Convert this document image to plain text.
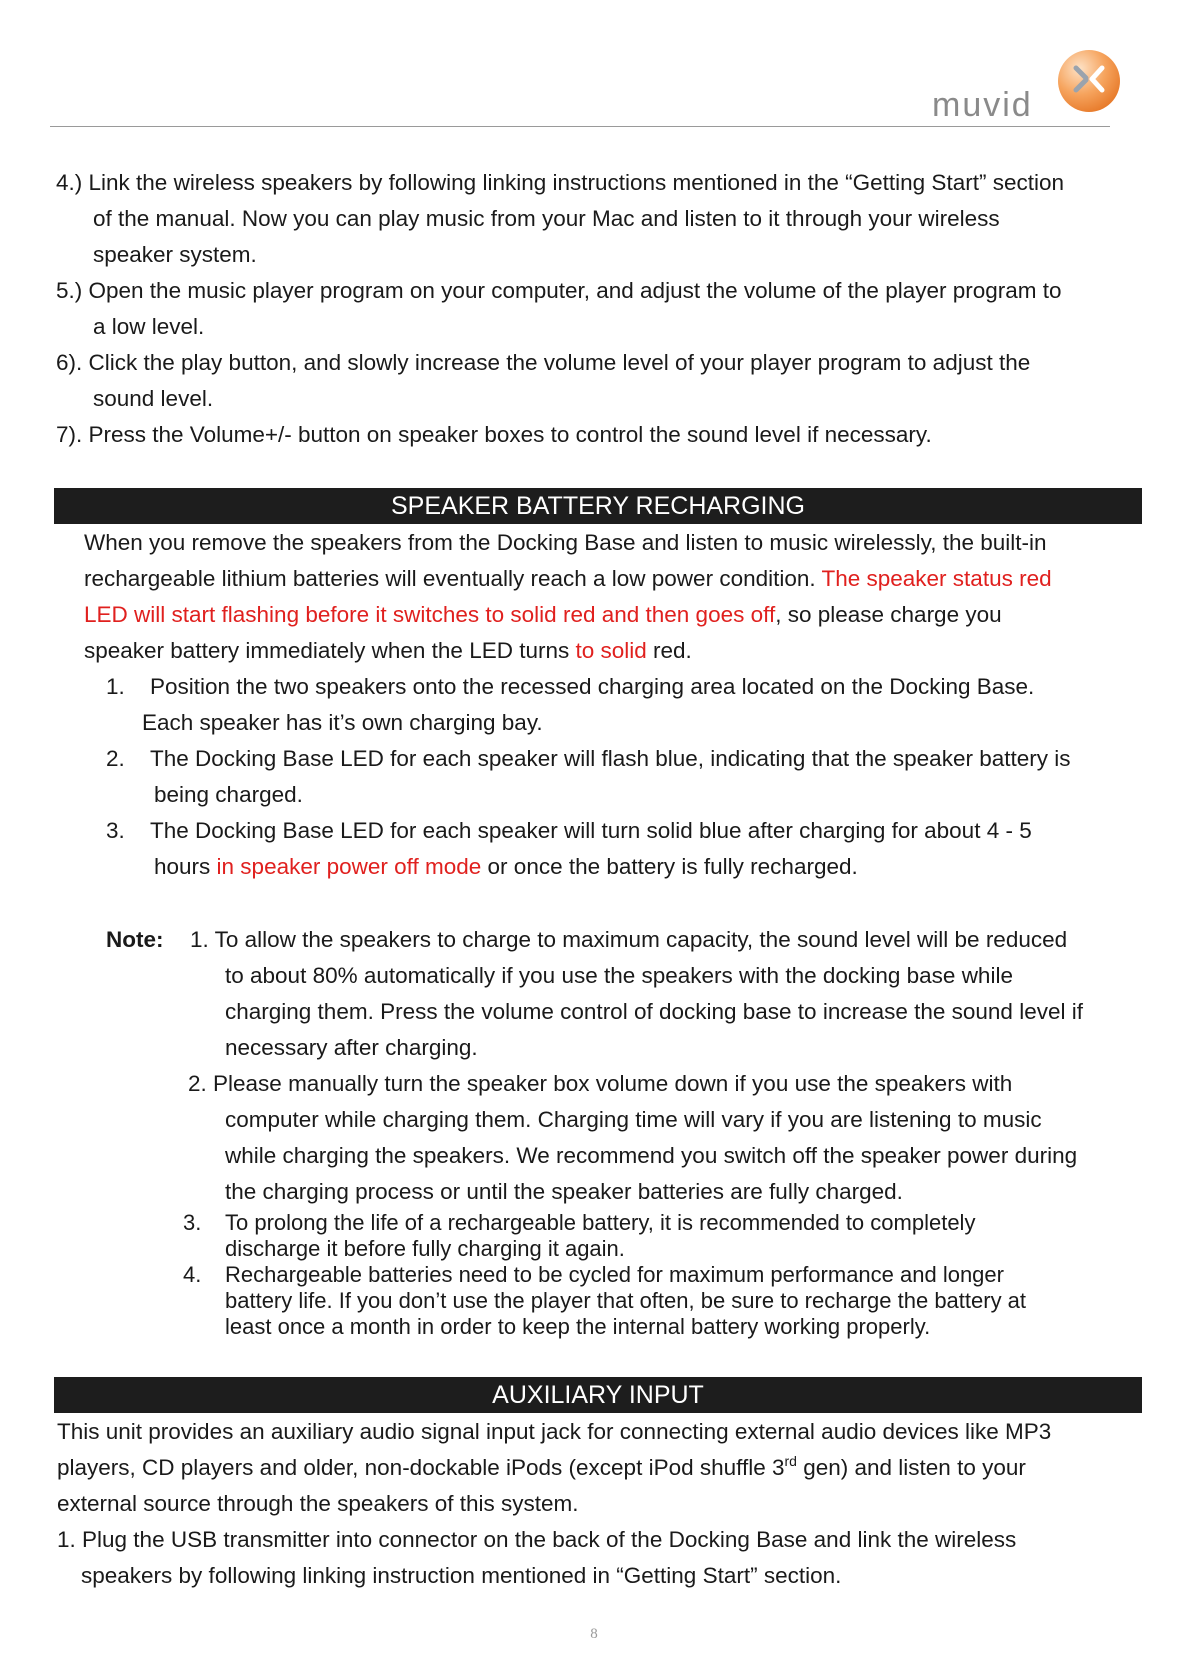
muvid
4.) Link the wireless speakers by following linking instructions mentioned in the “Getting Start” section
of the manual. Now you can play music from your Mac and listen to it through your wireless
speaker system.
5.) Open the music player program on your computer, and adjust the volume of the player program to
a low level.
6). Click the play button, and slowly increase the volume level of your player program to adjust the
sound level.
7). Press the Volume+/- button on speaker boxes to control the sound level if necessary.
SPEAKER BATTERY RECHARGING
When you remove the speakers from the Docking Base and listen to music wirelessly, the built-in
rechargeable lithium batteries will eventually reach a low power condition. The speaker status red
LED will start flashing before it switches to solid red and then goes off, so please charge you
speaker battery immediately when the LED turns to solid red.
1. Position the two speakers onto the recessed charging area located on the Docking Base.
Each speaker has it’s own charging bay.
2. The Docking Base LED for each speaker will flash blue, indicating that the speaker battery is
being charged.
3. The Docking Base LED for each speaker will turn solid blue after charging for about 4 - 5
hours in speaker power off mode or once the battery is fully recharged.
Note: 1. To allow the speakers to charge to maximum capacity, the sound level will be reduced
to about 80% automatically if you use the speakers with the docking base while
charging them. Press the volume control of docking base to increase the sound level if
necessary after charging.
2. Please manually turn the speaker box volume down if you use the speakers with
computer while charging them. Charging time will vary if you are listening to music
while charging the speakers. We recommend you switch off the speaker power during
the charging process or until the speaker batteries are fully charged.
3. To prolong the life of a rechargeable battery, it is recommended to completely
discharge it before fully charging it again.
4. Rechargeable batteries need to be cycled for maximum performance and longer
battery life. If you don’t use the player that often, be sure to recharge the battery at
least once a month in order to keep the internal battery working properly.
AUXILIARY INPUT
This unit provides an auxiliary audio signal input jack for connecting external audio devices like MP3
players, CD players and older, non-dockable iPods (except iPod shuffle 3rd gen) and listen to your
external source through the speakers of this system.
1. Plug the USB transmitter into connector on the back of the Docking Base and link the wireless
speakers by following linking instruction mentioned in “Getting Start” section.
8
